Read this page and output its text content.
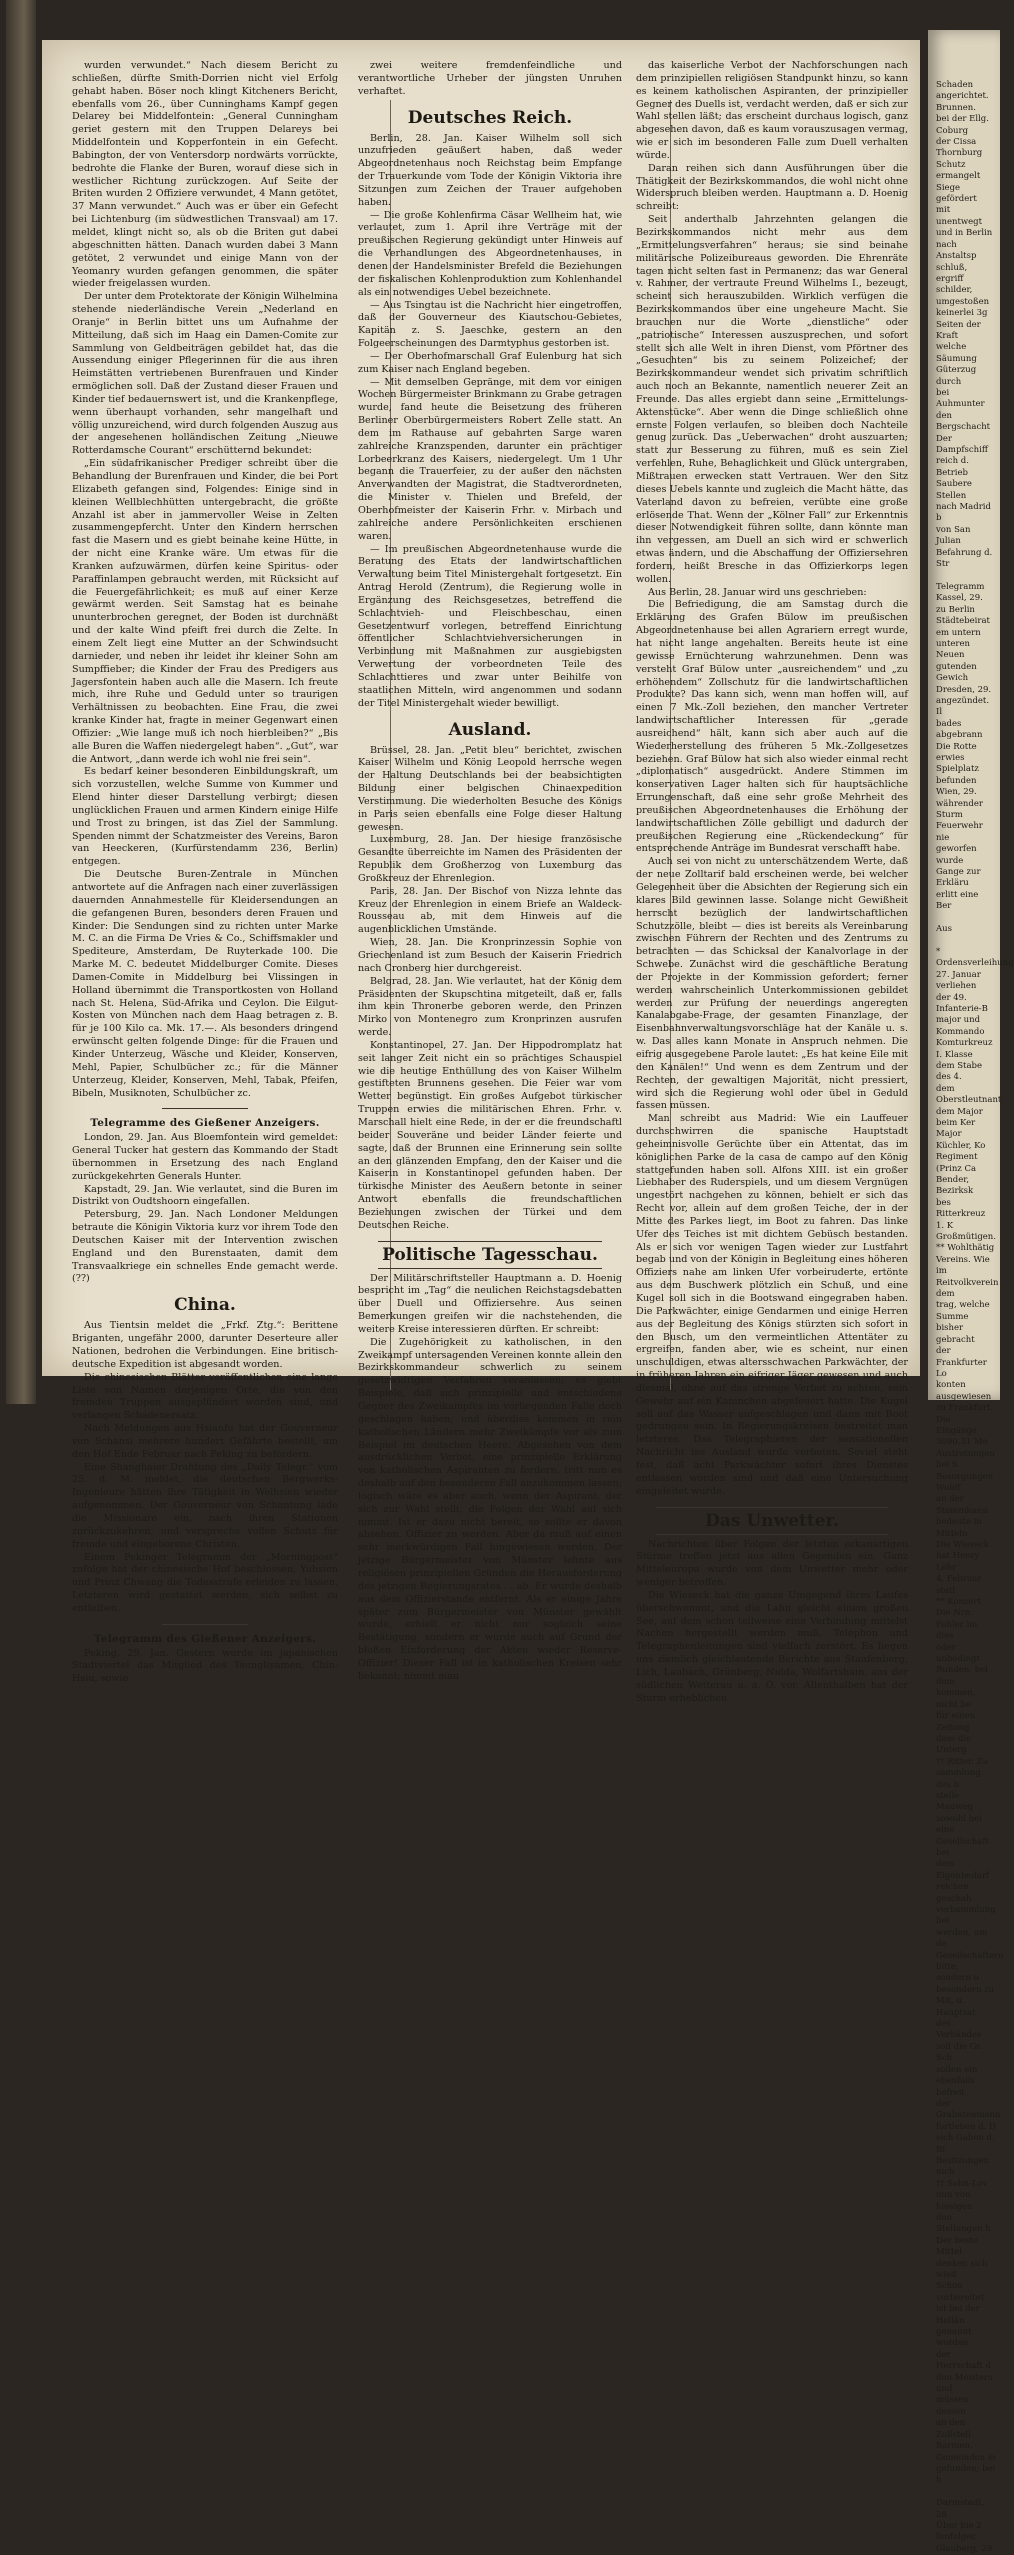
wurden verwundet.“ Nach diesem Bericht zu schließen, dürfte Smith-Dorrien nicht viel Erfolg gehabt haben. Böser noch klingt Kitcheners Bericht, ebenfalls vom 26., über Cunninghams Kampf gegen Delarey bei Middelfontein: „General Cunningham geriet gestern mit den Truppen Delareys bei Middelfontein und Kopperfontein in ein Gefecht. Babington, der von Ventersdorp nordwärts vorrückte, bedrohte die Flanke der Buren, worauf diese sich in westlicher Richtung zurückzogen. Auf Seite der Briten wurden 2 Offiziere verwundet, 4 Mann getötet, 37 Mann verwundet.“ Auch was er über ein Gefecht bei Lichtenburg (im südwestlichen Transvaal) am 17. meldet, klingt nicht so, als ob die Briten gut dabei abgeschnitten hätten. Danach wurden dabei 3 Mann getötet, 2 verwundet und einige Mann von der Yeomanry wurden gefangen genommen, die später wieder freigelassen wurden.

Der unter dem Protektorate der Königin Wilhelmina stehende niederländische Verein „Nederland en Oranje“ in Berlin bittet uns um Aufnahme der Mitteilung, daß sich im Haag ein Damen-Comite zur Sammlung von Geldbeiträgen gebildet hat, das die Aussendung einiger Pflegerinnen für die aus ihren Heimstätten vertriebenen Burenfrauen und Kinder ermöglichen soll. Daß der Zustand dieser Frauen und Kinder tief bedauernswert ist, und die Krankenpflege, wenn überhaupt vorhanden, sehr mangelhaft und völlig unzureichend, wird durch folgenden Auszug aus der angesehenen holländischen Zeitung „Nieuwe Rotterdamsche Courant“ erschütternd bekundet:

„Ein südafrikanischer Prediger schreibt über die Behandlung der Burenfrauen und Kinder, die bei Port Elizabeth gefangen sind, Folgendes: Einige sind in kleinen Wellblechhütten untergebracht, die größte Anzahl ist aber in jammervoller Weise in Zelten zusammengepfercht. Unter den Kindern herrschen fast die Masern und es giebt beinahe keine Hütte, in der nicht eine Kranke wäre. Um etwas für die Kranken aufzuwärmen, dürfen keine Spiritus- oder Paraffinlampen gebraucht werden, mit Rücksicht auf die Feuergefährlichkeit; es muß auf einer Kerze gewärmt werden. Seit Samstag hat es beinahe ununterbrochen geregnet, der Boden ist durchnäßt und der kalte Wind pfeift frei durch die Zelte. In einem Zelt liegt eine Mutter an der Schwindsucht darnieder, und neben ihr leidet ihr kleiner Sohn am Sumpffieber; die Kinder der Frau des Predigers aus Jagersfontein haben auch alle die Masern. Ich freute mich, ihre Ruhe und Geduld unter so traurigen Verhältnissen zu beobachten. Eine Frau, die zwei kranke Kinder hat, fragte in meiner Gegenwart einen Offizier: „Wie lange muß ich noch hierbleiben?“ „Bis alle Buren die Waffen niedergelegt haben“. „Gut“, war die Antwort, „dann werde ich wohl nie frei sein“.

Es bedarf keiner besonderen Einbildungskraft, um sich vorzustellen, welche Summe von Kummer und Elend hinter dieser Darstellung verbirgt; diesen unglücklichen Frauen und armen Kindern einige Hilfe und Trost zu bringen, ist das Ziel der Sammlung. Spenden nimmt der Schatzmeister des Vereins, Baron van Heeckeren, (Kurfürstendamm 236, Berlin) entgegen.

Die Deutsche Buren-Zentrale in München antwortete auf die Anfragen nach einer zuverlässigen dauernden Annahmestelle für Kleidersendungen an die gefangenen Buren, besonders deren Frauen und Kinder: Die Sendungen sind zu richten unter Marke M. C. an die Firma De Vries & Co., Schiffsmakler und Spediteure, Amsterdam, De Ruyterkade 100. Die Marke M. C. bedeutet Middelburger Comite. Dieses Damen-Comite in Middelburg bei Vlissingen in Holland übernimmt die Transportkosten von Holland nach St. Helena, Süd-Afrika und Ceylon. Die Eilgut-Kosten von München nach dem Haag betragen z. B. für je 100 Kilo ca. Mk. 17.—. Als besonders dringend erwünscht gelten folgende Dinge: für die Frauen und Kinder Unterzeug, Wäsche und Kleider, Konserven, Mehl, Papier, Schulbücher zc.; für die Männer Unterzeug, Kleider, Konserven, Mehl, Tabak, Pfeifen, Bibeln, Musiknoten, Schulbücher zc.

Telegramme des Gießener Anzeigers.

London, 29. Jan. Aus Bloemfontein wird gemeldet: General Tucker hat gestern das Kommando der Stadt übernommen in Ersetzung des nach England zurückgekehrten Generals Hunter.

Kapstadt, 29. Jan. Wie verlautet, sind die Buren im Distrikt von Oudtshoorn eingefallen.

Petersburg, 29. Jan. Nach Londoner Meldungen betraute die Königin Viktoria kurz vor ihrem Tode den Deutschen Kaiser mit der Intervention zwischen England und den Burenstaaten, damit dem Transvaalkriege ein schnelles Ende gemacht werde. (??)

China.

Aus Tientsin meldet die „Frkf. Ztg.“: Berittene Briganten, ungefähr 2000, darunter Deserteure aller Nationen, bedrohen die Verbindungen. Eine britisch-deutsche Expedition ist abgesandt worden.

Die chinesischen Blätter veröffentlichen eine lange Liste von Namen derjenigen Orte, die von den fremden Truppen ausgeplündert worden sind, und verlangen Schadenersatz.

Nach Meldungen aus Hsianfu hat der Gouverneur von Schansi mehrere hundert Gefährte bestellt, um den Hof Ende Februar nach Peking zu befördern.

Eine Shanghaier Drahtung des „Daily Telegr.“ vom 25. d. M. meldet, die deutschen Bergwerks-Ingenieure hätten ihre Tätigkeit in Weihsien wieder aufgenommen. Der Gouverneur von Schantung lade die Missionare ein, nach ihren Stationen zurückzukehren, und verspreche vollen Schutz für fremde und eingeborene Christen.

Einem Pekinger Telegramm der „Morningpost“ zufolge hat der chinesische Hof beschlossen, Yuhsien und Prinz Chwang die Todesstrafe erleiden zu lassen. Letzteren wird gestattet werden, sich selbst zu entleiben.

Telegramm des Gießener Anzeigers.

Peking, 29. Jan. Gestern wurde im japanischen Stadtviertel das Mitglied des Tsungliyamen, Chin-Hsiu, sowie

zwei weitere fremdenfeindliche und verantwortliche Urheber der jüngsten Unruhen verhaftet.

Deutsches Reich.

Berlin, 28. Jan. Kaiser Wilhelm soll sich unzufrieden geäußert haben, daß weder Abgeordnetenhaus noch Reichstag beim Empfange der Trauerkunde vom Tode der Königin Viktoria ihre Sitzungen zum Zeichen der Trauer aufgehoben haben.

— Die große Kohlenfirma Cäsar Wellheim hat, wie verlautet, zum 1. April ihre Verträge mit der preußischen Regierung gekündigt unter Hinweis auf die Verhandlungen des Abgeordnetenhauses, in denen der Handelsminister Brefeld die Beziehungen der fiskalischen Kohlenproduktion zum Kohlenhandel als ein notwendiges Uebel bezeichnete.

— Aus Tsingtau ist die Nachricht hier eingetroffen, daß der Gouverneur des Kiautschou-Gebietes, Kapitän z. S. Jaeschke, gestern an den Folgeerscheinungen des Darmtyphus gestorben ist.

— Der Oberhofmarschall Graf Eulenburg hat sich zum Kaiser nach England begeben.

— Mit demselben Gepränge, mit dem vor einigen Wochen Bürgermeister Brinkmann zu Grabe getragen wurde, fand heute die Beisetzung des früheren Berliner Oberbürgermeisters Robert Zelle statt. An dem im Rathause auf gebahrten Sarge waren zahlreiche Kranzspenden, darunter ein prächtiger Lorbeerkranz des Kaisers, niedergelegt. Um 1 Uhr begann die Trauerfeier, zu der außer den nächsten Anverwandten der Magistrat, die Stadtverordneten, die Minister v. Thielen und Brefeld, der Oberhofmeister der Kaiserin Frhr. v. Mirbach und zahlreiche andere Persönlichkeiten erschienen waren.

— Im preußischen Abgeordnetenhause wurde die Beratung des Etats der landwirtschaftlichen Verwaltung beim Titel Ministergehalt fortgesetzt. Ein Antrag Herold (Zentrum), die Regierung wolle in Ergänzung des Reichsgesetzes, betreffend die Schlachtvieh- und Fleischbeschau, einen Gesetzentwurf vorlegen, betreffend Einrichtung öffentlicher Schlachtviehversicherungen in Verbindung mit Maßnahmen zur ausgiebigsten Verwertung der vorbeordneten Teile des Schlachttieres und zwar unter Beihilfe von staatlichen Mitteln, wird angenommen und sodann der Titel Ministergehalt wieder bewilligt.

Ausland.

Brüssel, 28. Jan. „Petit bleu“ berichtet, zwischen Kaiser Wilhelm und König Leopold herrsche wegen der Haltung Deutschlands bei der beabsichtigten Bildung einer belgischen Chinaexpedition Verstimmung. Die wiederholten Besuche des Königs in Paris seien ebenfalls eine Folge dieser Haltung gewesen.

Luxemburg, 28. Jan. Der hiesige französische Gesandte überreichte im Namen des Präsidenten der Republik dem Großherzog von Luxemburg das Großkreuz der Ehrenlegion.

Paris, 28. Jan. Der Bischof von Nizza lehnte das Kreuz der Ehrenlegion in einem Briefe an Waldeck-Rousseau ab, mit dem Hinweis auf die augenblicklichen Umstände.

Wien, 28. Jan. Die Kronprinzessin Sophie von Griechenland ist zum Besuch der Kaiserin Friedrich nach Cronberg hier durchgereist.

Belgrad, 28. Jan. Wie verlautet, hat der König dem Präsidenten der Skupschtina mitgeteilt, daß er, falls ihm kein Thronerbe geboren werde, den Prinzen Mirko von Montenegro zum Kronprinzen ausrufen werde.

Konstantinopel, 27. Jan. Der Hippodromplatz hat seit langer Zeit nicht ein so prächtiges Schauspiel wie die heutige Enthüllung des von Kaiser Wilhelm gestifteten Brunnens gesehen. Die Feier war vom Wetter begünstigt. Ein großes Aufgebot türkischer Truppen erwies die militärischen Ehren. Frhr. v. Marschall hielt eine Rede, in der er die freundschaftl beider Souveräne und beider Länder feierte und sagte, daß der Brunnen eine Erinnerung sein sollte an den glänzenden Empfang, den der Kaiser und die Kaiserin in Konstantinopel gefunden haben. Der türkische Minister des Aeußern betonte in seiner Antwort ebenfalls die freundschaftlichen Beziehungen zwischen der Türkei und dem Deutschen Reiche.

Politische Tagesschau.

Der Militärschriftsteller Hauptmann a. D. Hoenig bespricht im „Tag“ die neulichen Reichstagsdebatten über Duell und Offiziersehre. Aus seinen Bemerkungen greifen wir die nachstehenden, die weitere Kreise interessieren dürften. Er schreibt:

Die Zugehörigkeit zu katholischen, in den Zweikampf untersagenden Vereinen konnte allein den Bezirkskommandeur schwerlich zu seinem gesetzwidrigen Verfahren veranlassen; es giebt Beispiele, daß sich prinzipielle und entschiedene Gegner des Zweikampfes im vorliegenden Falle doch geschlagen haben; und überdies kommen in rein katholischen Ländern mehr Zweikämpfe vor als zum Beispiel im deutschen Heere. Abgesehen von dem ausdrücklichen Verbot, eine prinzipielle Erklärung von katholischen Aspiranten zu fordern, tritt nun es deshalb auf den besonderen Fall anzukommen lassen; logisch wäre es aber auch, wenn der Aspirant, der sich zur Wahl stellt, die Folgen der Wahl auf sich nimmt. Ist er dazu nicht bereit, so sollte er davon absehen, Offizier zu werden. Aber da muß auf einen sehr merkwürdigen Fall hingewiesen werden. Der jetzige Bürgermeister von Münster lehnte aus religiösen prinzipiellen Gründen die Herausforderung des jetzigen Regierungsrates . . ab. Er wurde deshalb aus dem Offizierstande entfernt. Als er einige Jahre später zum Bürgermeister von Münster gewählt wurde, erhielt er nicht nur sogleich seine Bestätigung, sondern er wurde auch auf Grund der bloßen Einforderung der Akten wieder Reserve-Offizier! Dieser Fall ist in katholischen Kreisen sehr bekannt; nimmt man

das kaiserliche Verbot der Nachforschungen nach dem prinzipiellen religiösen Standpunkt hinzu, so kann es keinem katholischen Aspiranten, der prinzipieller Gegner des Duells ist, verdacht werden, daß er sich zur Wahl stellen läßt; das erscheint durchaus logisch, ganz abgesehen davon, daß es kaum vorauszusagen vermag, wie er sich im besonderen Falle zum Duell verhalten würde.

Daran reihen sich dann Ausführungen über die Thätigkeit der Bezirkskommandos, die wohl nicht ohne Widerspruch bleiben werden. Hauptmann a. D. Hoenig schreibt:

Seit anderthalb Jahrzehnten gelangen die Bezirkskommandos nicht mehr aus dem „Ermittelungsverfahren“ heraus; sie sind beinahe militärische Polizeibureaus geworden. Die Ehrenräte tagen nicht selten fast in Permanenz; das war General v. Rahmer, der vertraute Freund Wilhelms I., bezeugt, scheint sich herauszubilden. Wirklich verfügen die Bezirkskommandos über eine ungeheure Macht. Sie brauchen nur die Worte „dienstliche“ oder „patriotische“ Interessen auszusprechen, und sofort stellt sich alle Welt in ihren Dienst, vom Pförtner des „Gesuchten“ bis zu seinem Polizeichef; der Bezirkskommandeur wendet sich privatim schriftlich auch noch an Bekannte, namentlich neuerer Zeit an Freunde. Das alles ergiebt dann seine „Ermittelungs-Aktenstücke“. Aber wenn die Dinge schließlich ohne ernste Folgen verlaufen, so bleiben doch Nachteile genug zurück. Das „Ueberwachen“ droht auszuarten; statt zur Besserung zu führen, muß es sein Ziel verfehlen, Ruhe, Behaglichkeit und Glück untergraben, Mißtrauen erwecken statt Vertrauen. Wer den Sitz dieses Uebels kannte und zugleich die Macht hätte, das Vaterland davon zu befreien, verübte eine große erlösende That. Wenn der „Kölner Fall“ zur Erkenntnis dieser Notwendigkeit führen sollte, dann könnte man ihn vergessen, am Duell an sich wird er schwerlich etwas ändern, und die Abschaffung der Offiziersehren fordern, heißt Bresche in das Offizierkorps legen wollen.

Aus Berlin, 28. Januar wird uns geschrieben:

Die Befriedigung, die am Samstag durch die Erklärung des Grafen Bülow im preußischen Abgeordnetenhause bei allen Agrariern erregt wurde, hat nicht lange angehalten. Bereits heute ist eine gewisse Ernüchterung wahrzunehmen. Denn was versteht Graf Bülow unter „ausreichendem“ und „zu erhöhendem“ Zollschutz für die landwirtschaftlichen Produkte? Das kann sich, wenn man hoffen will, auf einen 7 Mk.-Zoll beziehen, den mancher Vertreter landwirtschaftlicher Interessen für „gerade ausreichend“ hält, kann sich aber auch auf die Wiederherstellung des früheren 5 Mk.-Zollgesetzes beziehen. Graf Bülow hat sich also wieder einmal recht „diplomatisch“ ausgedrückt. Andere Stimmen im konservativen Lager halten sich für hauptsächliche Errungenschaft, daß eine sehr große Mehrheit des preußischen Abgeordnetenhauses die Erhöhung der landwirtschaftlichen Zölle gebilligt und dadurch der preußischen Regierung eine „Rückendeckung“ für entsprechende Anträge im Bundesrat verschafft habe.

Auch sei von nicht zu unterschätzendem Werte, daß der neue Zolltarif bald erscheinen werde, bei welcher Gelegenheit über die Absichten der Regierung sich ein klares Bild gewinnen lasse. Solange nicht Gewißheit herrscht bezüglich der landwirtschaftlichen Schutzzölle, bleibt — dies ist bereits als Vereinbarung zwischen Führern der Rechten und des Zentrums zu betrachten — das Schicksal der Kanalvorlage in der Schwebe. Zunächst wird die geschäftliche Beratung der Projekte in der Kommission gefordert; ferner werden wahrscheinlich Unterkommissionen gebildet werden zur Prüfung der neuerdings angeregten Kanalabgabe-Frage, der gesamten Finanzlage, der Eisenbahnverwaltungsvorschläge hat der Kanäle u. s. w. Das alles kann Monate in Anspruch nehmen. Die eifrig ausgegebene Parole lautet: „Es hat keine Eile mit den Kanälen!“ Und wenn es dem Zentrum und der Rechten, der gewaltigen Majorität, nicht pressiert, wird sich die Regierung wohl oder übel in Geduld fassen müssen.

Man schreibt aus Madrid: Wie ein Lauffeuer durchschwirren die spanische Hauptstadt geheimnisvolle Gerüchte über ein Attentat, das im königlichen Parke de la casa de campo auf den König stattgefunden haben soll. Alfons XIII. ist ein großer Liebhaber des Ruderspiels, und um diesem Vergnügen ungestört nachgehen zu können, behielt er sich das Recht vor, allein auf dem großen Teiche, der in der Mitte des Parkes liegt, im Boot zu fahren. Das linke Ufer des Teiches ist mit dichtem Gebüsch bestanden. Als er sich vor wenigen Tagen wieder zur Lustfahrt begab und von der Königin in Begleitung eines höheren Offiziers nahe am linken Ufer vorbeiruderte, ertönte aus dem Buschwerk plötzlich ein Schuß, und eine Kugel soll sich in die Bootswand eingegraben haben. Die Parkwächter, einige Gendarmen und einige Herren aus der Begleitung des Königs stürzten sich sofort in den Busch, um den vermeintlichen Attentäter zu ergreifen, fanden aber, wie es scheint, nur einen unschuldigen, etwas altersschwachen Parkwächter, der in früheren Jahren ein eifriger Jäger gewesen und auch diesmal, ohne auf das strenge Verbot zu achten, sein Gewehr auf ein Kaninchen abgefeuert hatte. Die Kugel soll auf das Wasser aufgeschlagen und dann mit Boot gedrungen sein. In Regierungskreisen bestreitet man letzteres. Das Telegraphieren der sensationellen Nachricht ins Ausland wurde verboten. Soviel steht fest, daß acht Parkwächter sofort ihres Dienstes entlassen worden sind und daß eine Untersuchung eingeleitet wurde.

Das Unwetter.

Nachrichten über Folgen der letzten orkanartigen Stürme treffen jetzt aus allen Gegenden ein. Ganz Mitteleuropa wurde von dem Unwetter mehr oder weniger betroffen.

Die Wieseck hat die ganze Umgegend ihres Laufes überschwemmt, und die Lahn gleicht einem großen See, auf dem schon teilweise eine Verbindung mittelst Nachen hergestellt werden muß. Telephon und Telegraphenleitungen sind vielfach zerstört. Es liegen uns ziemlich gleichlautende Berichte aus Staufenberg, Lich, Laubach, Grünberg, Nidda, Wolfartshain, aus der südlichen Wetterau u. a. O. vor. Allenthalben hat der Sturm erheblichen

Schaden angerichtet.
Brunnen.
bei der Ellg. Coburg
der Cissa Thornburg
Schutz ermangelt
Siege gefördert
mit unentwegt
und in Berlin
nach Anstaltsp
schluß, ergriff
schilder, umgestoßen
keinerlei 3g
Seiten der Kraft
welche Säumung
Güterzug durch
bei Auhmunter
den Bergschacht
Der Dampfschiff
reich d. Betrieb
Saubere Stellen
nach Madrid b
von San Julian
Befahrung d. Str

Telegramm
Kassel, 29.
zu Berlin
Städtebeirat
em untern
unteren Neuen
gutenden Gewich
Dresden, 29.
angezündet. Il
bades abgebrann
Die Rotte erwies
Spielplatz befunden
Wien, 29.
währender Sturm
Feuerwehr nie
geworfen wurde
Gange zur Erkläru
erlitt eine Ber

Aus

* Ordensverleihung
27. Januar verliehen
der 49. Infanterie-B
major und Kommando
Komturkreuz I. Klasse
dem Stabe des 4.
dem Oberstleutnant
dem Major beim Ker
Major Küchler, Ko
Regiment (Prinz Ca
Bender, Bezirksk
bes Ritterkreuz 1. K
Großmütigen.
** Wohlthätig
Vereins. Wie im
Reitvolkverein dem
trag, welche Summe
bisher gebracht
der Frankfurter Lo
konten ausgewiesen
zu Frankfurt. Die
Eingänge 3090,31 Me
Austretungen bei S
Besorgungen Woblf
an der Stammkassi
bedeute in Mitteln
Die Wieseck
hat Henry Löhr
4. Februar statt
** Konzert
Die Nrn.
Fehler im dies
oder unbedingt
Runden, bei dem
kommen, nicht be
für einen Zeitung
dass die Unterg
†† Ritter. Zu
sammlung des b
stelle Mauweg
sowohl bei eine
Gesellschaft bei
dem Eigenbedarf
reichen geschah
verbammlung bei
werden, um de
Gesellschaftern
bitte, sondern u
besondern zu
Mit, u. Hauptsat
des Verbändes
soll die Gr. Sch
sollen ein
ebenfalls befreit
der Grabatenmann
fortleben d. D
sich Gaben d. Bi
Besitzungen nich
†† Sohn-Lov
nun von hiesigen
den Stellungen h
Der beste Mittel
denken sich wied
Schon vorbereitet
ist bei der Hollän
genannt worden
der Herrschaft d
den Meisters und
müssen dessen
an den Zollstell
Barmen.
Gemeinden in
gefunden; bei h

Darmstadt, 28
Über bie 2
fonfolger.
Glauberg, 29
